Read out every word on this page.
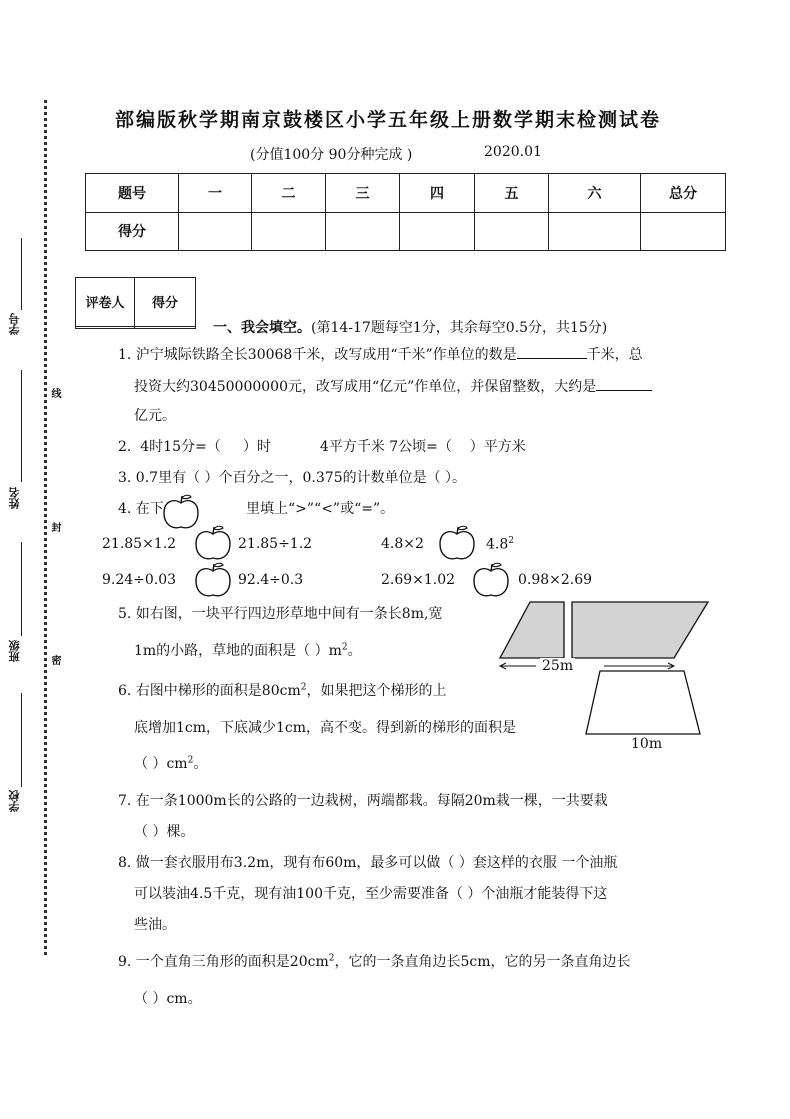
学号
姓名
班级
学校
线
封
密
部编版秋学期南京鼓楼区小学五年级上册数学期末检测试卷
(分值100分 90分种完成 )	2020.01
题号	一	二	三	四	五	六	总分
得分							
评卷人	得分

一、我会填空。(第14-17题每空1分，其余每空0.5分，共15分)
1. 沪宁城际铁路全长30068千米，改写成用“千米”作单位的数是	千米，总
投资大约30450000000元，改写成用“亿元”作单位，并保留整数，大约是
亿元。
2.  4时15分=（     ）时           4平方千米 7公顷=（    ）平方米
3. 0.7里有（ ）个百分之一，0.375的计数单位是（ ）。
4. 在下	里填上“>”“<”或“=”。
21.85×1.2	21.85÷1.2	4.8×2	$4.8^2$
9.24÷0.03	92.4÷0.3	2.69×1.02	0.98×2.69
5. 如右图，一块平行四边形草地中间有一条长8m,宽
1m的小路，草地的面积是（ ）$m^2$。
25m
6. 右图中梯形的面积是$80cm^2$，如果把这个梯形的上
底增加1cm，下底减少1cm，高不变。得到新的梯形的面积是
（ ）$cm^2$。
10m
7. 在一条1000m长的公路的一边栽树，两端都栽。每隔20m栽一棵，一共要栽
（ ）棵。
8. 做一套衣服用布3.2m，现有布60m，最多可以做（ ）套这样的衣服 一个油瓶
可以装油4.5千克，现有油100千克，至少需要准备（ ）个油瓶才能装得下这
些油。
9. 一个直角三角形的面积是$20cm^2$，它的一条直角边长5cm，它的另一条直角边长
（ ）cm。
